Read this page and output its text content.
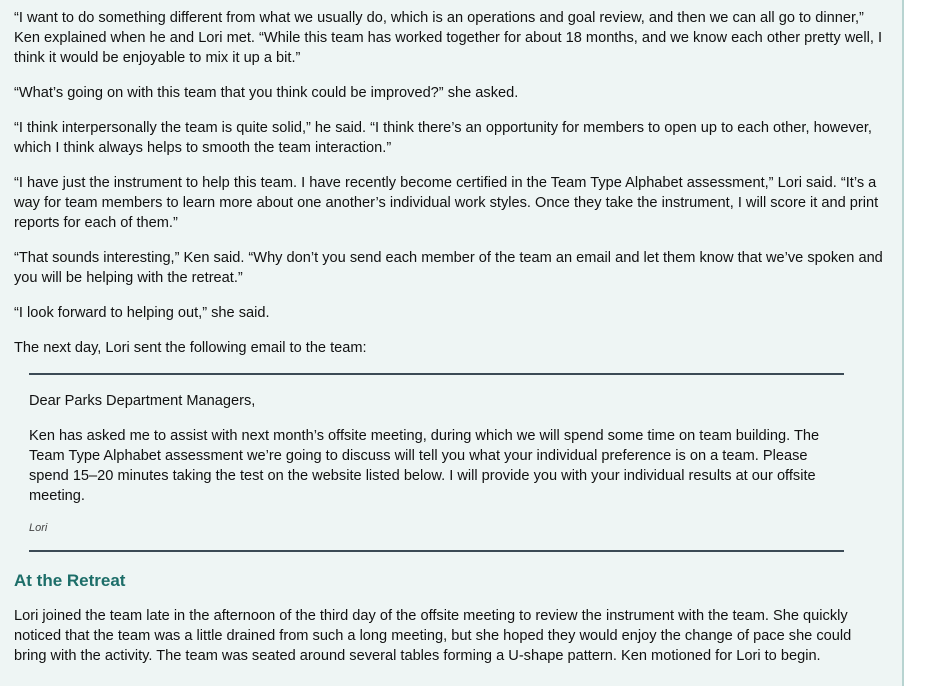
“I want to do something different from what we usually do, which is an operations and goal review, and then we can all go to dinner,” Ken explained when he and Lori met. “While this team has worked together for about 18 months, and we know each other pretty well, I think it would be enjoyable to mix it up a bit.”

“What’s going on with this team that you think could be improved?” she asked.

“I think interpersonally the team is quite solid,” he said. “I think there’s an opportunity for members to open up to each other, however, which I think always helps to smooth the team interaction.”

“I have just the instrument to help this team. I have recently become certified in the Team Type Alphabet assessment,” Lori said. “It’s a way for team members to learn more about one another’s individual work styles. Once they take the instrument, I will score it and print reports for each of them.”

“That sounds interesting,” Ken said. “Why don’t you send each member of the team an email and let them know that we’ve spoken and you will be helping with the retreat.”

“I look forward to helping out,” she said.

The next day, Lori sent the following email to the team:

Dear Parks Department Managers,

Ken has asked me to assist with next month’s offsite meeting, during which we will spend some time on team building. The Team Type Alphabet assessment we’re going to discuss will tell you what your individual preference is on a team. Please spend 15–20 minutes taking the test on the website listed below. I will provide you with your individual results at our offsite meeting.

Lori

At the Retreat

Lori joined the team late in the afternoon of the third day of the offsite meeting to review the instrument with the team. She quickly noticed that the team was a little drained from such a long meeting, but she hoped they would enjoy the change of pace she could bring with the activity. The team was seated around several tables forming a U-shape pattern. Ken motioned for Lori to begin.
